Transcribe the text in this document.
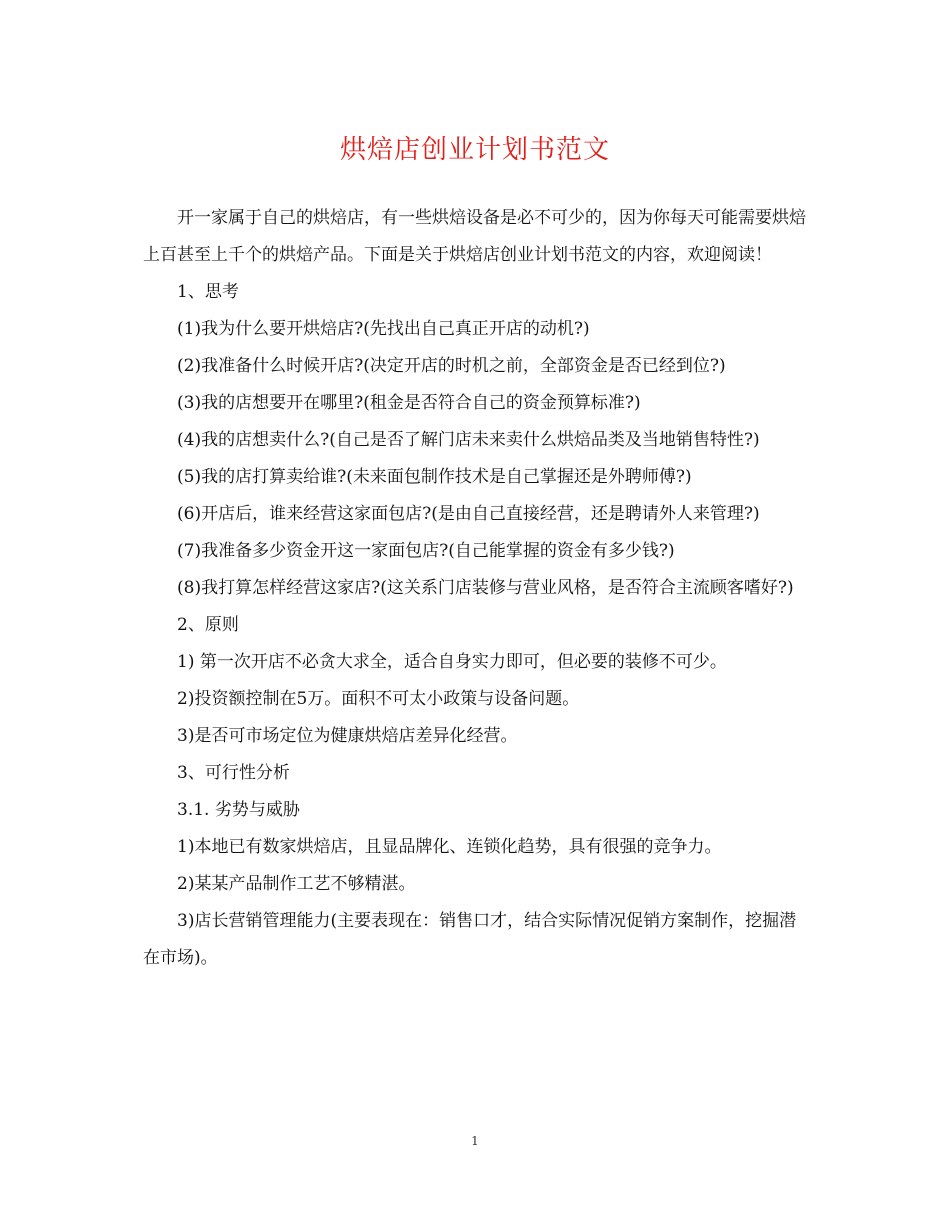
烘焙店创业计划书范文

开一家属于自己的烘焙店，有一些烘焙设备是必不可少的，因为你每天可能需要烘焙上百甚至上千个的烘焙产品。下面是关于烘焙店创业计划书范文的内容，欢迎阅读！

1、思考

(1)我为什么要开烘焙店?(先找出自己真正开店的动机?)

(2)我准备什么时候开店?(决定开店的时机之前，全部资金是否已经到位?)

(3)我的店想要开在哪里?(租金是否符合自己的资金预算标准?)

(4)我的店想卖什么?(自己是否了解门店未来卖什么烘焙品类及当地销售特性?)

(5)我的店打算卖给谁?(未来面包制作技术是自己掌握还是外聘师傅?)

(6)开店后，谁来经营这家面包店?(是由自己直接经营，还是聘请外人来管理?)

(7)我准备多少资金开这一家面包店?(自己能掌握的资金有多少钱?)

(8)我打算怎样经营这家店?(这关系门店装修与营业风格，是否符合主流顾客嗜好?)

2、原则

1) 第一次开店不必贪大求全，适合自身实力即可，但必要的装修不可少。

2)投资额控制在5万。面积不可太小政策与设备问题。

3)是否可市场定位为健康烘焙店差异化经营。

3、可行性分析

3.1. 劣势与威胁

1)本地已有数家烘焙店，且显品牌化、连锁化趋势，具有很强的竞争力。

2)某某产品制作工艺不够精湛。

3)店长营销管理能力(主要表现在：销售口才，结合实际情况促销方案制作，挖掘潜在市场)。

1
